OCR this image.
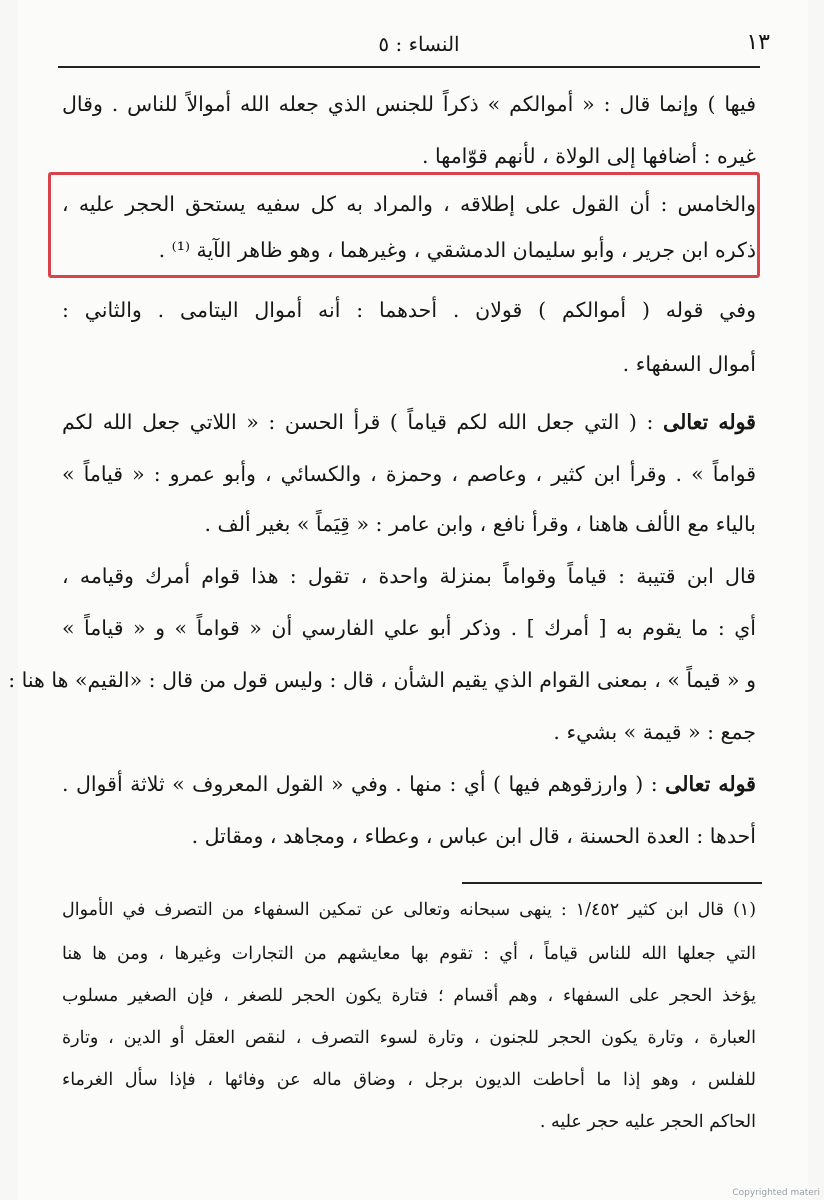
١٣
النساء : ٥
فيها ) وإنما قال : « أموالكم » ذكراً للجنس الذي جعله الله أموالاً للناس . وقال
غيره : أضافها إلى الولاة ، لأنهم قوّامها .
والخامس : أن القول على إطلاقه ، والمراد به كل سفيه يستحق الحجر عليه ،
ذكره ابن جرير ، وأبو سليمان الدمشقي ، وغيرهما ، وهو ظاهر الآية ⁽¹⁾ .
وفي قوله ( أموالكم ) قولان . أحدهما : أنه أموال اليتامى . والثاني :
أموال السفهاء .
قوله تعالى : ( التي جعل الله لكم قياماً ) قرأ الحسن : « اللاتي جعل الله لكم
قواماً » . وقرأ ابن كثير ، وعاصم ، وحمزة ، والكسائي ، وأبو عمرو : « قياماً »
بالياء مع الألف هاهنا ، وقرأ نافع ، وابن عامر : « قِيَماً » بغير ألف .
قال ابن قتيبة : قياماً وقواماً بمنزلة واحدة ، تقول : هذا قوام أمرك وقيامه ،
أي : ما يقوم به [ أمرك ] . وذكر أبو علي الفارسي أن « قواماً » و « قياماً »
و « قيماً » ، بمعنى القوام الذي يقيم الشأن ، قال : وليس قول من قال : «القيم» ها هنا :
جمع : « قيمة » بشيء .
قوله تعالى : ( وارزقوهم فيها ) أي : منها . وفي « القول المعروف » ثلاثة أقوال .
أحدها : العدة الحسنة ، قال ابن عباس ، وعطاء ، ومجاهد ، ومقاتل .
(١) قال ابن كثير ١/٤٥٢ : ينهى سبحانه وتعالى عن تمكين السفهاء من التصرف في الأموال
التي جعلها الله للناس قياماً ، أي : تقوم بها معايشهم من التجارات وغيرها ، ومن ها هنا
يؤخذ الحجر على السفهاء ، وهم أقسام ؛ فتارة يكون الحجر للصغر ، فإن الصغير مسلوب
العبارة ، وتارة يكون الحجر للجنون ، وتارة لسوء التصرف ، لنقص العقل أو الدين ، وتارة
للفلس ، وهو إذا ما أحاطت الديون برجل ، وضاق ماله عن وفائها ، فإذا سأل الغرماء
الحاكم الحجر عليه حجر عليه .
Copyrighted materi
